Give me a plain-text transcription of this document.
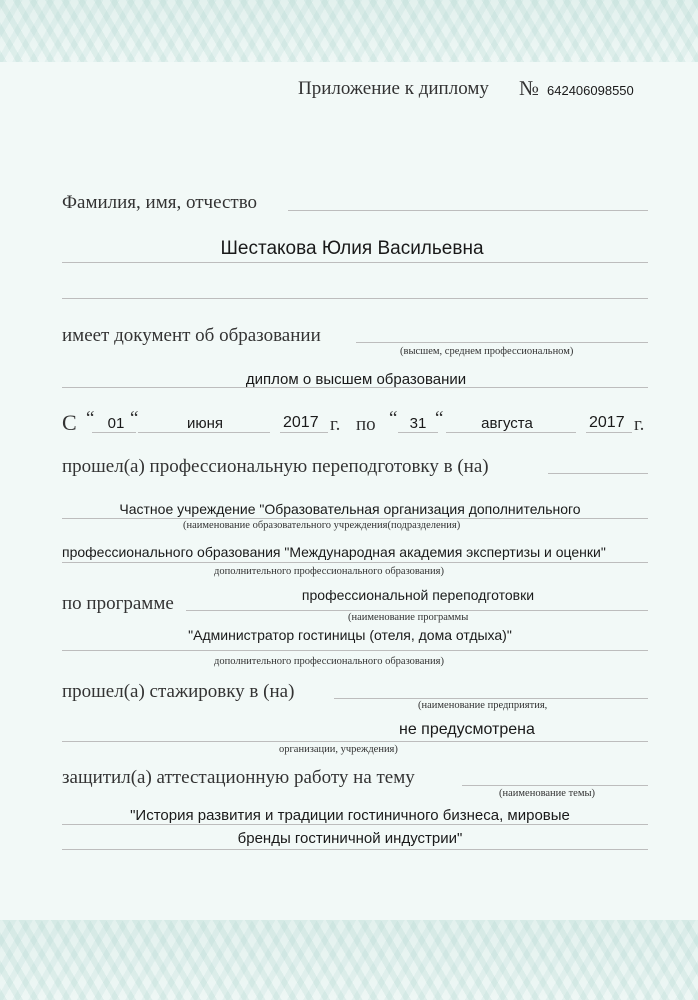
Приложение к диплому № 642406098550
Фамилия, имя, отчество
Шестакова Юлия Васильевна
имеет документ об образовании
(высшем, среднем профессиональном)
диплом о высшем образовании
С “ 01 “	июня	2017 г. по “ 31 “	августа	2017 г.
прошел(а) профессиональную переподготовку в (на)
Частное учреждение "Образовательная организация дополнительного
(наименование образовательного учреждения(подразделения)
профессионального образования "Международная академия экспертизы и оценки"
дополнительного профессионального образования)
по программе	профессиональной переподготовки
(наименование программы
"Администратор гостиницы (отеля, дома отдыха)"
дополнительного профессионального образования)
прошел(а) стажировку в (на)
(наименование предприятия,
не предусмотрена
организации, учреждения)
защитил(а) аттестационную работу на тему
(наименование темы)
"История развития и традиции гостиничного бизнеса, мировые
бренды гостиничной индустрии"
